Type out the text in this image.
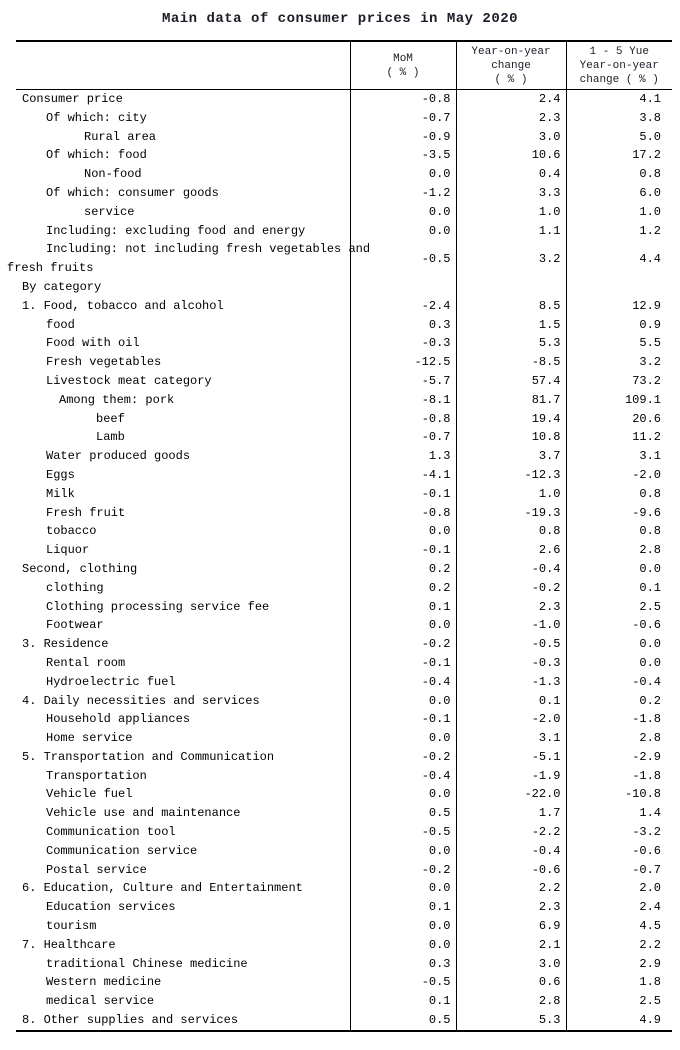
Main data of consumer prices in May 2020

MoM
( % )

Year-on-year
change
( % )

1 - 5 Yue
Year-on-year
change ( % )

Consumer price	-0.8	2.4	4.1
Of which: city	-0.7	2.3	3.8
Rural area	-0.9	3.0	5.0
Of which: food	-3.5	10.6	17.2
Non-food	0.0	0.4	0.8
Of which: consumer goods	-1.2	3.3	6.0
service	0.0	1.0	1.0
Including: excluding food and energy	0.0	1.1	1.2

Including: not including fresh vegetables and
fresh fruits	-0.5	3.2	4.4
By category			
1. Food, tobacco and alcohol	-2.4	8.5	12.9
food	0.3	1.5	0.9
Food with oil	-0.3	5.3	5.5
Fresh vegetables	-12.5	-8.5	3.2
Livestock meat category	-5.7	57.4	73.2
Among them: pork	-8.1	81.7	109.1
beef	-0.8	19.4	20.6
Lamb	-0.7	10.8	11.2
Water produced goods	1.3	3.7	3.1
Eggs	-4.1	-12.3	-2.0
Milk	-0.1	1.0	0.8
Fresh fruit	-0.8	-19.3	-9.6
tobacco	0.0	0.8	0.8
Liquor	-0.1	2.6	2.8
Second, clothing	0.2	-0.4	0.0
clothing	0.2	-0.2	0.1
Clothing processing service fee	0.1	2.3	2.5
Footwear	0.0	-1.0	-0.6
3. Residence	-0.2	-0.5	0.0
Rental room	-0.1	-0.3	0.0
Hydroelectric fuel	-0.4	-1.3	-0.4
4. Daily necessities and services	0.0	0.1	0.2
Household appliances	-0.1	-2.0	-1.8
Home service	0.0	3.1	2.8
5. Transportation and Communication	-0.2	-5.1	-2.9
Transportation	-0.4	-1.9	-1.8
Vehicle fuel	0.0	-22.0	-10.8
Vehicle use and maintenance	0.5	1.7	1.4
Communication tool	-0.5	-2.2	-3.2
Communication service	0.0	-0.4	-0.6
Postal service	-0.2	-0.6	-0.7
6. Education, Culture and Entertainment	0.0	2.2	2.0
Education services	0.1	2.3	2.4
tourism	0.0	6.9	4.5
7. Healthcare	0.0	2.1	2.2
traditional Chinese medicine	0.3	3.0	2.9
Western medicine	-0.5	0.6	1.8
medical service	0.1	2.8	2.5
8. Other supplies and services	0.5	5.3	4.9
